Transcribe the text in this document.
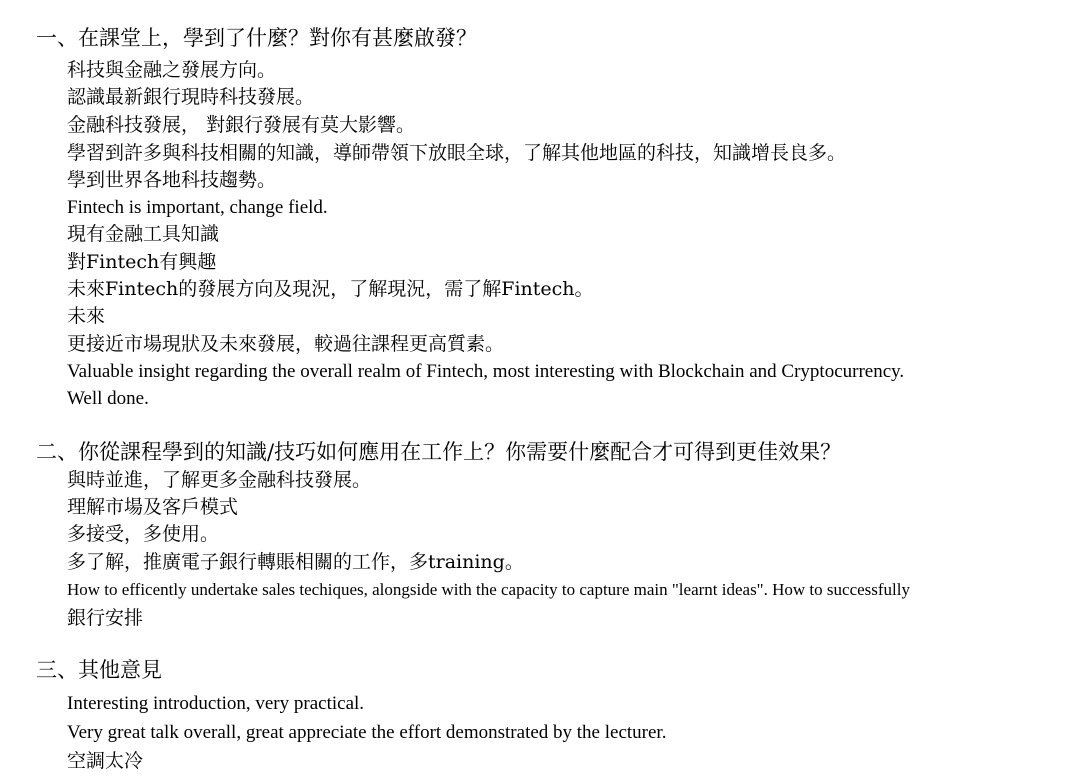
一、在課堂上，學到了什麼？對你有甚麼啟發？
科技與金融之發展方向。
認識最新銀行現時科技發展。
金融科技發展， 對銀行發展有莫大影響。
學習到許多與科技相關的知識，導師帶領下放眼全球，了解其他地區的科技，知識增長良多。
學到世界各地科技趨勢。
Fintech is important, change field.
現有金融工具知識
對Fintech有興趣
未來Fintech的發展方向及現況，了解現況，需了解Fintech。
未來
更接近市場現狀及未來發展，較過往課程更高質素。
Valuable insight regarding the overall realm of Fintech, most interesting with Blockchain and Cryptocurrency.
Well done.
二、你從課程學到的知識/技巧如何應用在工作上？你需要什麼配合才可得到更佳效果？
與時並進，了解更多金融科技發展。
理解市場及客戶模式
多接受，多使用。
多了解，推廣電子銀行轉賬相關的工作，多training。
How to efficently undertake sales techiques, alongside with the capacity to capture main "learnt ideas". How to successfully
銀行安排
三、其他意見
Interesting introduction, very practical.
Very great talk overall, great appreciate the effort demonstrated by the lecturer.
空調太冷
